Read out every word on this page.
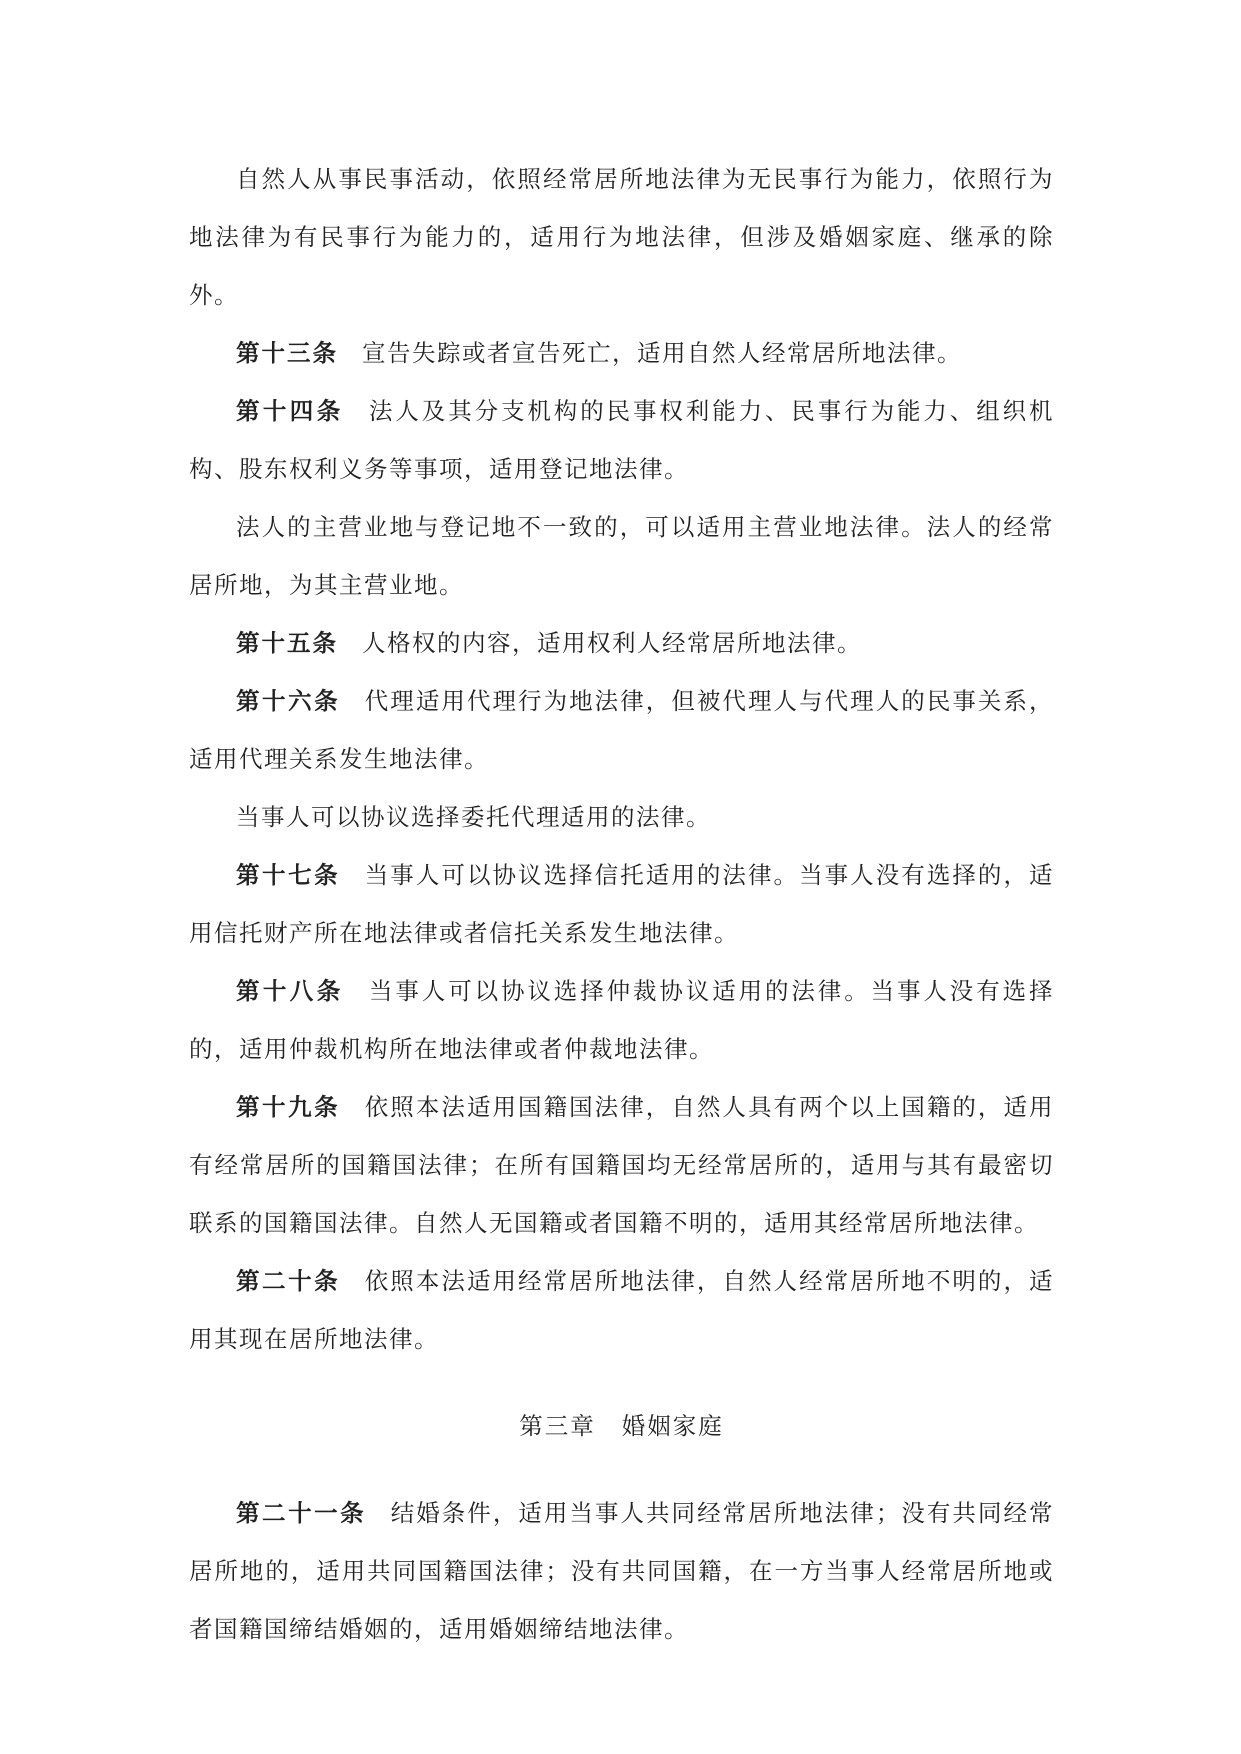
自然人从事民事活动，依照经常居所地法律为无民事行为能力，依照行为地法律为有民事行为能力的，适用行为地法律，但涉及婚姻家庭、继承的除外。

第十三条 宣告失踪或者宣告死亡，适用自然人经常居所地法律。

第十四条 法人及其分支机构的民事权利能力、民事行为能力、组织机构、股东权利义务等事项，适用登记地法律。

法人的主营业地与登记地不一致的，可以适用主营业地法律。法人的经常居所地，为其主营业地。

第十五条 人格权的内容，适用权利人经常居所地法律。

第十六条 代理适用代理行为地法律，但被代理人与代理人的民事关系，适用代理关系发生地法律。

当事人可以协议选择委托代理适用的法律。

第十七条 当事人可以协议选择信托适用的法律。当事人没有选择的，适用信托财产所在地法律或者信托关系发生地法律。

第十八条 当事人可以协议选择仲裁协议适用的法律。当事人没有选择的，适用仲裁机构所在地法律或者仲裁地法律。

第十九条 依照本法适用国籍国法律，自然人具有两个以上国籍的，适用有经常居所的国籍国法律；在所有国籍国均无经常居所的，适用与其有最密切联系的国籍国法律。自然人无国籍或者国籍不明的，适用其经常居所地法律。

第二十条 依照本法适用经常居所地法律，自然人经常居所地不明的，适用其现在居所地法律。

第三章 婚姻家庭

第二十一条 结婚条件，适用当事人共同经常居所地法律；没有共同经常居所地的，适用共同国籍国法律；没有共同国籍，在一方当事人经常居所地或者国籍国缔结婚姻的，适用婚姻缔结地法律。
